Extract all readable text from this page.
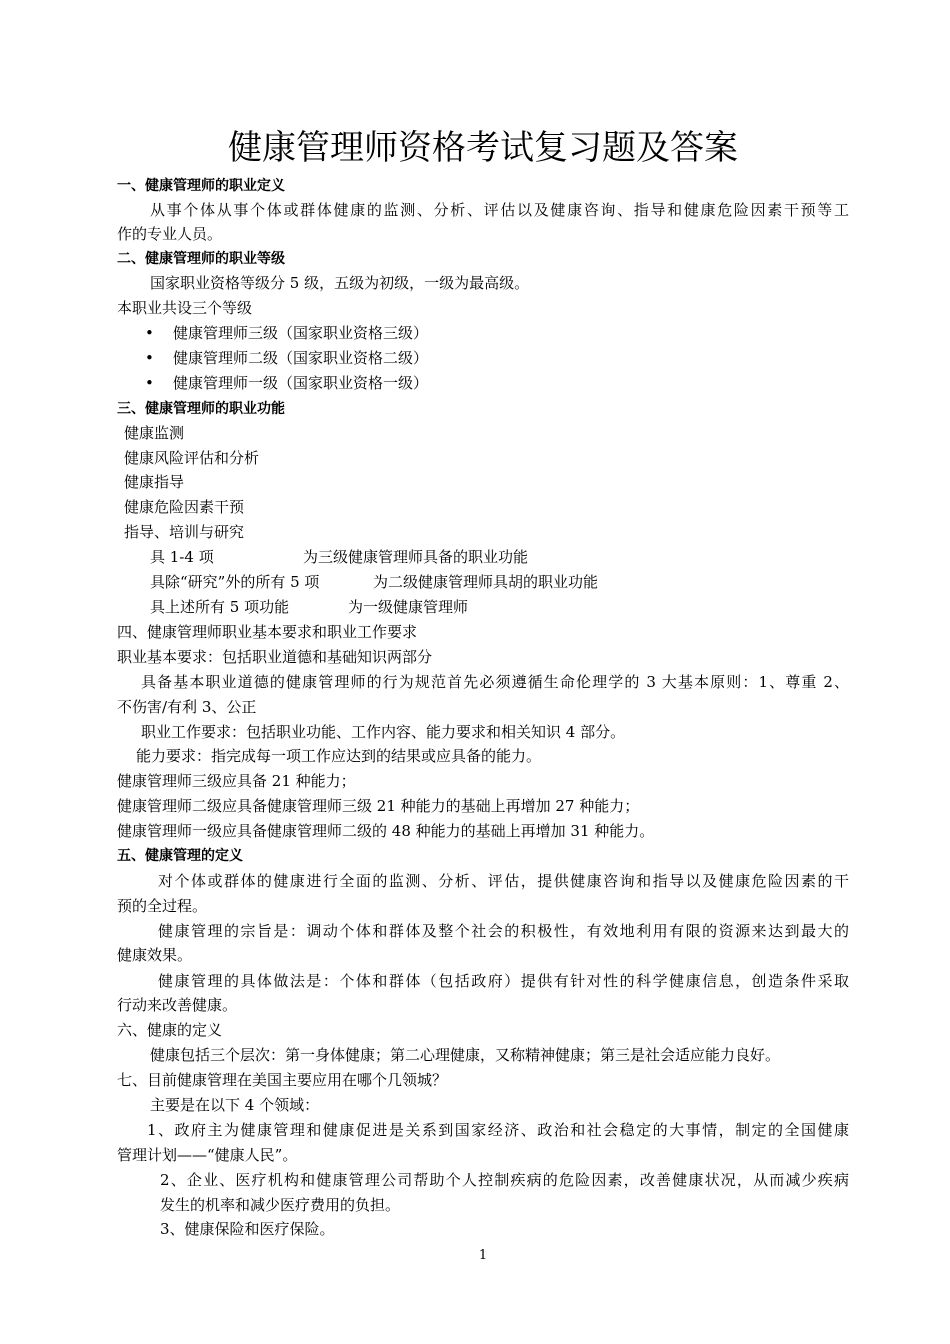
健康管理师资格考试复习题及答案
一、健康管理师的职业定义
从事个体从事个体或群体健康的监测、分析、评估以及健康咨询、指导和健康危险因素干预等工
作的专业人员。
二、健康管理师的职业等级
国家职业资格等级分 5 级，五级为初级，一级为最高级。
本职业共设三个等级
• 健康管理师三级（国家职业资格三级）
• 健康管理师二级（国家职业资格二级）
• 健康管理师一级（国家职业资格一级）
三、健康管理师的职业功能
健康监测
健康风险评估和分析
健康指导
健康危险因素干预
指导、培训与研究
具 1-4 项	为三级健康管理师具备的职业功能
具除“研究”外的所有 5 项	为二级健康管理师具胡的职业功能
具上述所有 5 项功能	为一级健康管理师
四、健康管理师职业基本要求和职业工作要求
职业基本要求：包括职业道德和基础知识两部分
具备基本职业道德的健康管理师的行为规范首先必须遵循生命伦理学的 3 大基本原则：1、尊重 2、
不伤害/有利 3、公正
职业工作要求：包括职业功能、工作内容、能力要求和相关知识 4 部分。
能力要求：指完成每一项工作应达到的结果或应具备的能力。
健康管理师三级应具备 21 种能力；
健康管理师二级应具备健康管理师三级 21 种能力的基础上再增加 27 种能力；
健康管理师一级应具备健康管理师二级的 48 种能力的基础上再增加 31 种能力。
五、健康管理的定义
对个体或群体的健康进行全面的监测、分析、评估，提供健康咨询和指导以及健康危险因素的干
预的全过程。
健康管理的宗旨是：调动个体和群体及整个社会的积极性，有效地利用有限的资源来达到最大的
健康效果。
健康管理的具体做法是：个体和群体（包括政府）提供有针对性的科学健康信息，创造条件采取
行动来改善健康。
六、健康的定义
健康包括三个层次：第一身体健康；第二心理健康，又称精神健康；第三是社会适应能力良好。
七、目前健康管理在美国主要应用在哪个几领城？
主要是在以下 4 个领域：
1、政府主为健康管理和健康促进是关系到国家经济、政治和社会稳定的大事情，制定的全国健康
管理计划——“健康人民”。
2、企业、医疗机构和健康管理公司帮助个人控制疾病的危险因素，改善健康状况，从而减少疾病
发生的机率和减少医疗费用的负担。
3、健康保险和医疗保险。
1
